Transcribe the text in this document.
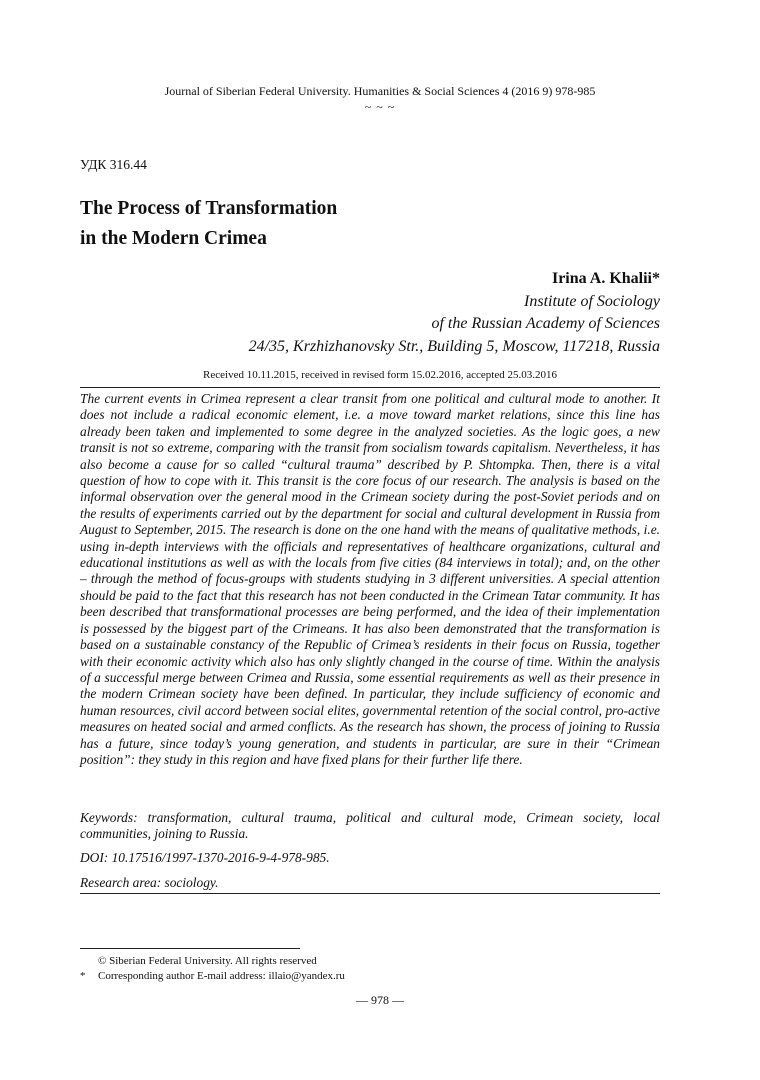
Journal of Siberian Federal University. Humanities & Social Sciences 4 (2016 9) 978-985
~ ~ ~
УДК 316.44
The Process of Transformation
in the Modern Crimea
Irina A. Khalii*
Institute of Sociology
of the Russian Academy of Sciences
24/35, Krzhizhanovsky Str., Building 5, Moscow, 117218, Russia
Received 10.11.2015, received in revised form 15.02.2016, accepted 25.03.2016

The current events in Crimea represent a clear transit from one political and cultural mode to another. It does not include a radical economic element, i.e. a move toward market relations, since this line has already been taken and implemented to some degree in the analyzed societies. As the logic goes, a new transit is not so extreme, comparing with the transit from socialism towards capitalism. Nevertheless, it has also become a cause for so called “cultural trauma” described by P. Shtompka. Then, there is a vital question of how to cope with it. This transit is the core focus of our research. The analysis is based on the informal observation over the general mood in the Crimean society during the post-Soviet periods and on the results of experiments carried out by the department for social and cultural development in Russia from August to September, 2015. The research is done on the one hand with the means of qualitative methods, i.e. using in-depth interviews with the officials and representatives of healthcare organizations, cultural and educational institutions as well as with the locals from five cities (84 interviews in total); and, on the other – through the method of focus-groups with students studying in 3 different universities. A special attention should be paid to the fact that this research has not been conducted in the Crimean Tatar community. It has been described that transformational processes are being performed, and the idea of their implementation is possessed by the biggest part of the Crimeans. It has also been demonstrated that the transformation is based on a sustainable constancy of the Republic of Crimea’s residents in their focus on Russia, together with their economic activity which also has only slightly changed in the course of time. Within the analysis of a successful merge between Crimea and Russia, some essential requirements as well as their presence in the modern Crimean society have been defined. In particular, they include sufficiency of economic and human resources, civil accord between social elites, governmental retention of the social control, pro-active measures on heated social and armed conflicts. As the research has shown, the process of joining to Russia has a future, since today’s young generation, and students in particular, are sure in their “Crimean position”: they study in this region and have fixed plans for their further life there.

Keywords: transformation, cultural trauma, political and cultural mode, Crimean society, local communities, joining to Russia.

DOI: 10.17516/1997-1370-2016-9-4-978-985.

Research area: sociology.

© Siberian Federal University. All rights reserved
* Corresponding author E-mail address: illaio@yandex.ru
― 978 ―
